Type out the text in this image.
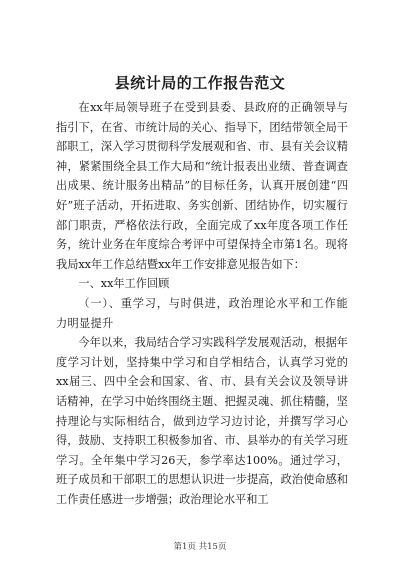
县统计局的工作报告范文

在xx年局领导班子在受到县委、县政府的正确领导与指引下，在省、市统计局的关心、指导下，团结带领全局干部职工，深入学习贯彻科学发展观和省、市、县有关会议精神，紧紧围绕全县工作大局和“统计报表出业绩、普查调查出成果、统计服务出精品”的目标任务，认真开展创建“四好”班子活动，开拓进取、务实创新、团结协作，切实履行部门职责，严格依法行政，全面完成了xx年度各项工作任务，统计业务在年度综合考评中可望保持全市第1名。现将我局xx年工作总结暨xx年工作安排意见报告如下：

一、xx年工作回顾

（一）、重学习，与时俱进，政治理论水平和工作能力明显提升

今年以来，我局结合学习实践科学发展观活动，根据年度学习计划，坚持集中学习和自学相结合，认真学习党的xx届三、四中全会和国家、省、市、县有关会议及领导讲话精神，在学习中始终围绕主题、把握灵魂、抓住精髓，坚持理论与实际相结合，做到边学习边讨论，并撰写学习心得，鼓励、支持职工积极参加省、市、县举办的有关学习班学习。全年集中学习26天，参学率达100%。通过学习，班子成员和干部职工的思想认识进一步提高，政治使命感和工作责任感进一步增强；政治理论水平和工

第1页 共15页
